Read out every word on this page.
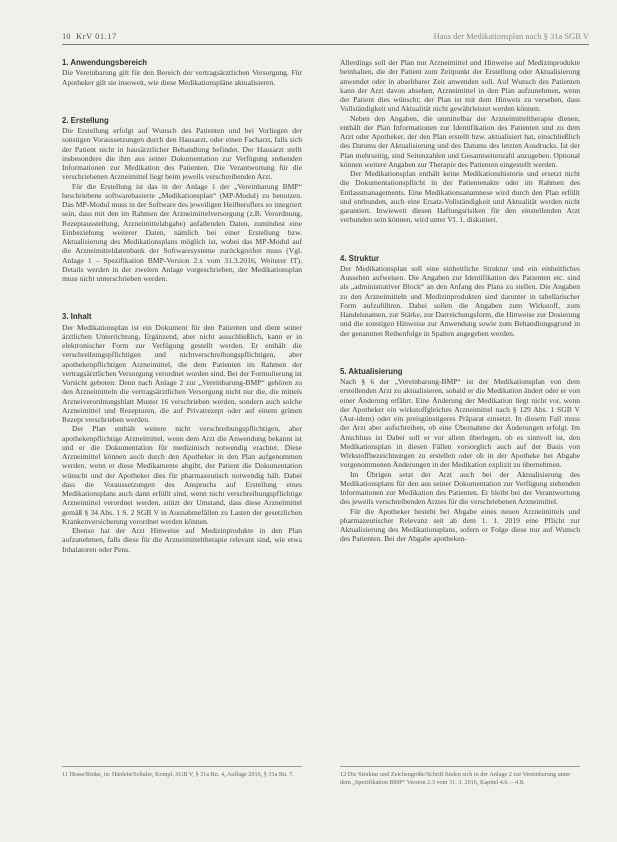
10 KrV 01.17	Haus der Medikationsplan nach § 31a SGB V
1. Anwendungsbereich

Die Vereinbarung gilt für den Bereich der vertragsärztlichen Versorgung. Für Apotheker gilt sie insoweit, wie diese Medikationspläne aktualisieren.

2. Erstellung

Die Erstellung erfolgt auf Wunsch des Patienten und bei Vorliegen der sonstigen Voraussetzungen durch den Hausarzt, oder einen Facharzt, falls sich der Patient nicht in hausärztlicher Behandlung befindet. Der Hausarzt stellt insbesondere die ihm aus seiner Dokumentation zur Verfügung stehenden Informationen zur Medikation des Patienten. Die Verantwortung für die verschriebenen Arzneimittel liegt beim jeweils verschreibenden Arzt.

Für die Erstellung ist das in der Anlage 1 der „Vereinbarung BMP“ beschriebene softwarebasierte „Medikationsplan“ (MP-Modul) zu benutzen. Das MP-Modul muss in der Software des jeweiligen Heilberuflers so integriert sein, dass mit den im Rahmen der Arzneimittelversorgung (z.B. Verordnung, Rezeptausstellung, Arzneimittelabgabe) anfallenden Daten, zumindest eine Einbeziehung weiterer Daten, nämlich bei einer Erstellung bzw. Aktualisierung des Medikationsplans möglich ist, wobei das MP-Modul auf die Arzneimitteldatenbank der Softwaresysteme zurückgreifen muss (Vgl. Anlage 1 – Spezifikation BMP-Version 2.x vom 31.3.2016, Weiterer IT). Details werden in der zweiten Anlage vorgeschrieben, der Medikationsplan muss nicht unterschrieben werden.

3. Inhalt

Der Medikationsplan ist ein Dokument für den Patienten und dient seiner ärztlichen Unterrichtung, Ergänzend, aber nicht ausschließlich, kann er in elektronischer Form zur Verfügung gestellt werden. Er enthält die verschreibungspflichtigen und nichtverschreibungspflichtigen, aber apothekenpflichtigen Arzneimittel, die dem Patienten im Rahmen der vertragsärztlichen Versorgung verordnet worden sind. Bei der Formulierung ist Vorsicht geboten: Denn nach Anlage 2 zur „Vereinbarung-BMP“ gehören zu den Arzneimitteln die vertragsärztlichen Versorgung nicht nur die, die mittels Arzneiverordnungsblatt Muster 16 verschrieben werden, sondern auch solche Arzneimittel und Rezepturen, die auf Privatrezept oder auf einem grünen Rezept verschrieben werden.

Der Plan enthält weitere nicht verschreibungspflichtigen, aber apothekenpflichtige Arzneimittel, wenn dem Arzt die Anwendung bekannt ist und er die Dokumentation für medizinisch notwendig erachtet. Diese Arzneimittel können auch durch den Apotheker in den Plan aufgenommen werden, wenn er diese Medikamente abgibt, der Patient die Dokumentation wünscht und der Apotheker dies für pharmazeutisch notwendig hält. Dabei dass die Voraussetzungen des Anspruchs auf Erstellung eines Medikationsplans auch dann erfüllt sind, wenn nicht verschreibungspflichtige Arzneimittel verordnet werden, stützt der Umstand, dass diese Arzneimittel gemäß § 34 Abs. 1 S. 2 SGB V in Ausnahmefällen zu Lasten der gesetzlichen Krankenversicherung verordnet werden können.

Ebenso hat der Arzt Hinweise auf Medizinprodukte in den Plan aufzunehmen, falls diese für die Arzneimitteltherapie relevant sind, wie etwa Inhalatoren oder Pens.

Allerdings soll der Plan nur Arzneimittel und Hinweise auf Medizinprodukte beinhalten, die der Patient zum Zeitpunkt der Erstellung oder Aktualisierung anwendet oder in absehbarer Zeit anwenden soll. Auf Wunsch des Patienten kann der Arzt davon absehen, Arzneimittel in den Plan aufzunehmen, wenn der Patient dies wünscht; der Plan ist mit dem Hinweis zu versehen, dass Vollständigkeit und Aktualität nicht gewährleistet werden können.

Neben den Angaben, die unmittelbar der Arzneimitteltherapie dienen, enthält der Plan Informationen zur Identifikation des Patienten und zu dem Arzt oder Apotheker, der den Plan erstellt bzw. aktualisiert hat, einschließlich des Datums der Aktualisierung und des Datums des letzten Ausdrucks. Ist der Plan mehrseitig, sind Seitenzahlen und Gesamtseitenzahl anzugeben. Optional können weitere Angaben zur Therapie des Patienten eingestellt werden.

Der Medikationsplan enthält keine Medikationshistorie und ersetzt nicht die Dokumentationspflicht in der Patientenakte oder im Rahmen des Entlassmanagements. Eine Medikationsanamnese wird durch den Plan erfüllt und entbunden, auch eine Ersatz-Vollständigkeit und Aktualität werden nicht garantiert. Inwieweit diesen Haftungsrisiken für den einstellenden Arzt verbunden sein können, wird unter VI. 1. diskutiert.

4. Struktur

Der Medikationsplan soll eine einheitliche Struktur und ein einheitliches Aussehen aufweisen. Die Angaben zur Identifikation des Patienten etc. sind als „administrativer Block“ an den Anfang des Plans zu stellen. Die Angaben zu den Arzneimitteln und Medizinprodukten sind darunter in tabellarischer Form aufzuführen. Dabei sollen die Angaben zum Wirkstoff, zum Handelsnamen, zur Stärke, zur Darreichungsform, die Hinweise zur Dosierung und die sonstigen Hinweise zur Anwendung sowie zum Behandlungsgrund in der genannten Reihenfolge in Spalten angegeben werden.

5. Aktualisierung

Nach § 6 der „Vereinbarung-BMP“ ist der Medikationsplan von dem erstellenden Arzt zu aktualisieren, sobald er die Medikation ändert oder er von einer Änderung erfährt. Eine Änderung der Medikation liegt nicht vor, wenn der Apotheker ein wirkstoffgleiches Arzneimittel nach § 129 Abs. 1 SGB V (Aut-idem) oder ein preisgünstigeres Präparat einsetzt. In diesem Fall muss der Arzt aber aufschreiben, ob eine Übernahme der Änderungen erfolgt. Im Anschluss ist Dabei soll er vor allem überlegen, ob es sinnvoll ist, den Medikationsplan in diesen Fällen vorsorglich auch auf der Basis von Wirkstoffbezeichnungen zu erstellen oder ob in der Apotheke bei Abgabe vorgenommenen Änderungen in der Medikation explizit zu übernehmen.

Im Übrigen setzt der Arzt auch bei der Aktualisierung des Medikationsplans für den aus seiner Dokumentation zur Verfügung stehenden Informationen zur Medikation des Patienten. Er bleibt bei der Verantwortung des jeweils verschreibenden Arztes für die verschriebenen Arzneimittel.

Für die Apotheker besteht bei Abgabe eines neuen Arzneimittels und pharmazeutischer Relevanz seit ab dem 1. 1. 2019 eine Pflicht zur Aktualisierung des Medikationsplans, sofern er Folge diese nur auf Wunsch des Patienten. Bei der Abgabe apotheken-

11 Hesse/Rinke, in: Hänlein/Schuler, Kompl. SGB V, § 31a Rn. 4, Auflage 2016, § 31a Rn. 7.	12 Die Struktur und Zeichengröße/Schrift finden sich in der Anlage 2 zur Vereinbarung unter dem „Spezifikation BMP“ Version 2.3 vom 31. 3. 2016, Kapitel 4.6. – 4.8.
